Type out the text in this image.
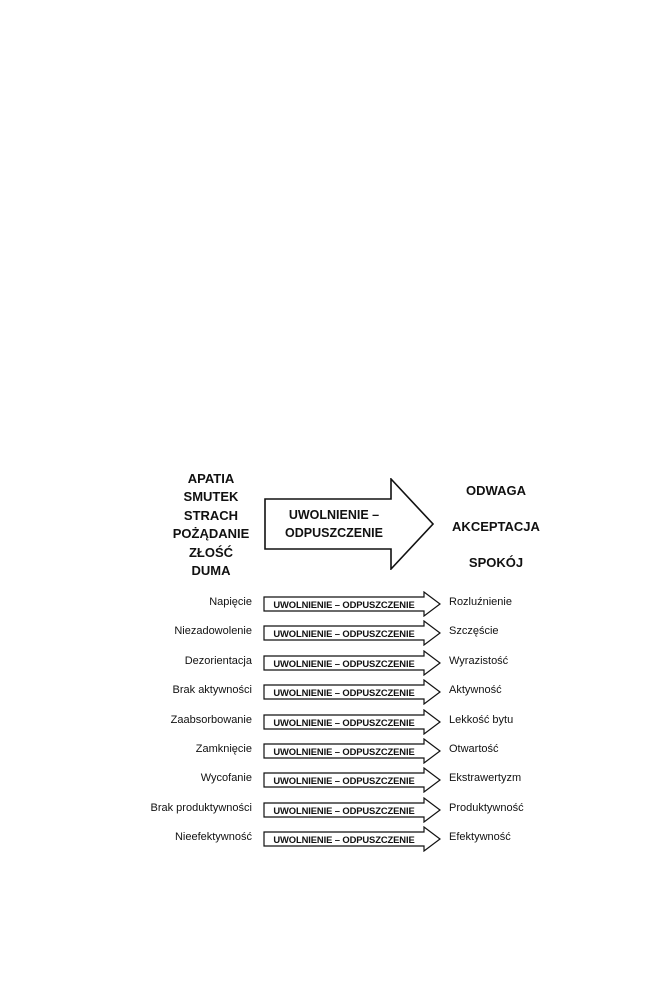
APATIA
SMUTEK
STRACH
POŻĄDANIE
ZŁOŚĆ
DUMA
UWOLNIENIE –
ODPUSZCZENIE
ODWAGA
AKCEPTACJA
SPOKÓJ
Napięcie	UWOLNIENIE – ODPUSZCZENIE	Rozluźnienie
Niezadowolenie	UWOLNIENIE – ODPUSZCZENIE	Szczęście
Dezorientacja	UWOLNIENIE – ODPUSZCZENIE	Wyrazistość
Brak aktywności	UWOLNIENIE – ODPUSZCZENIE	Aktywność
Zaabsorbowanie	UWOLNIENIE – ODPUSZCZENIE	Lekkość bytu
Zamknięcie	UWOLNIENIE – ODPUSZCZENIE	Otwartość
Wycofanie	UWOLNIENIE – ODPUSZCZENIE	Ekstrawertyzm
Brak produktywności	UWOLNIENIE – ODPUSZCZENIE	Produktywność
Nieefektywność	UWOLNIENIE – ODPUSZCZENIE	Efektywność
